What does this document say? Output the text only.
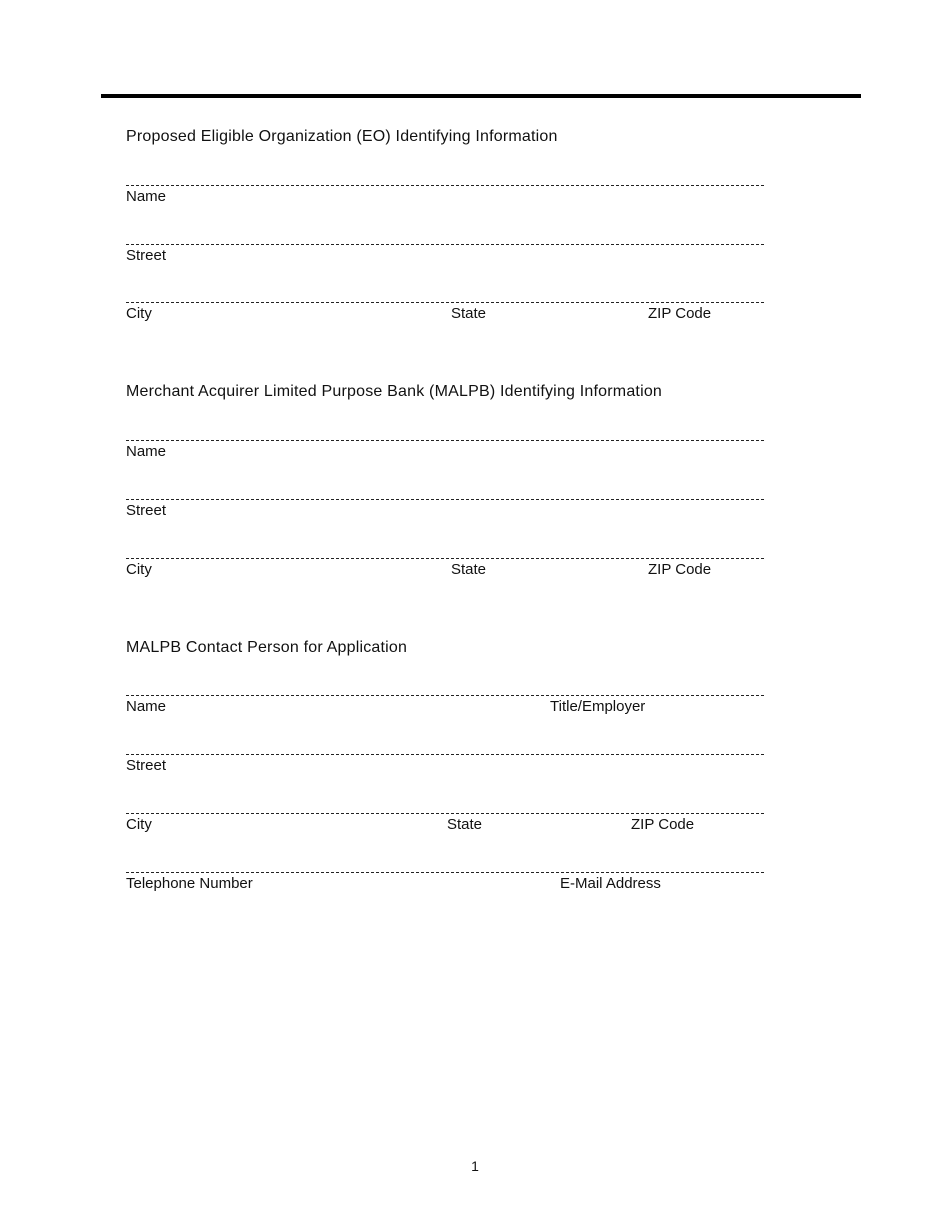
Proposed Eligible Organization (EO) Identifying Information
Name
Street
City	State	ZIP Code
Merchant Acquirer Limited Purpose Bank (MALPB) Identifying Information
Name
Street
City	State	ZIP Code
MALPB Contact Person for Application
Name	Title/Employer
Street
City	State	ZIP Code
Telephone Number	E-Mail Address
1
